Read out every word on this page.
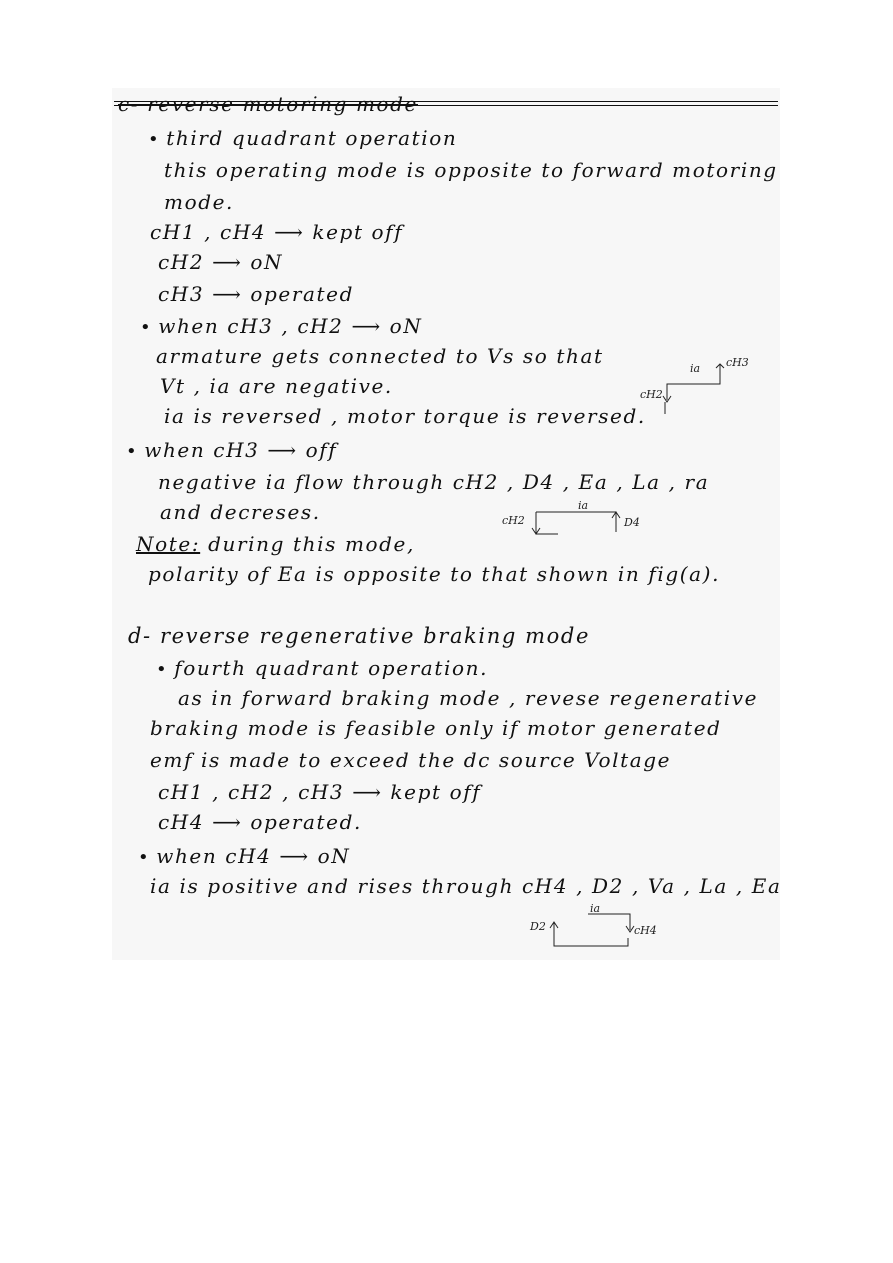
c- reverse motoring mode
• third quadrant operation
this operating mode is opposite to forward motoring
mode.
cH1 , cH4 ⟶ kept off
cH2 ⟶ oN
cH3 ⟶ operated
• when cH3 , cH2 ⟶ oN
armature gets connected to Vs so that
Vt , ia are negative.
ia is reversed , motor torque is reversed.
ia cH3
cH2
• when cH3 ⟶ off
negative ia flow through cH2 , D4 , Ea , La , ra
and decreses.	cH2
ia
D4
Note: during this mode,
polarity of Ea is opposite to that shown in fig(a).
d- reverse regenerative braking mode
• fourth quadrant operation.
as in forward braking mode , revese regenerative
braking mode is feasible only if motor generated
emf is made to exceed the dc source Voltage
cH1 , cH2 , cH3 ⟶ kept off
cH4 ⟶ operated.
• when cH4 ⟶ oN
ia is positive and rises through cH4 , D2 , Va , La , Ea
D2
ia
cH4
